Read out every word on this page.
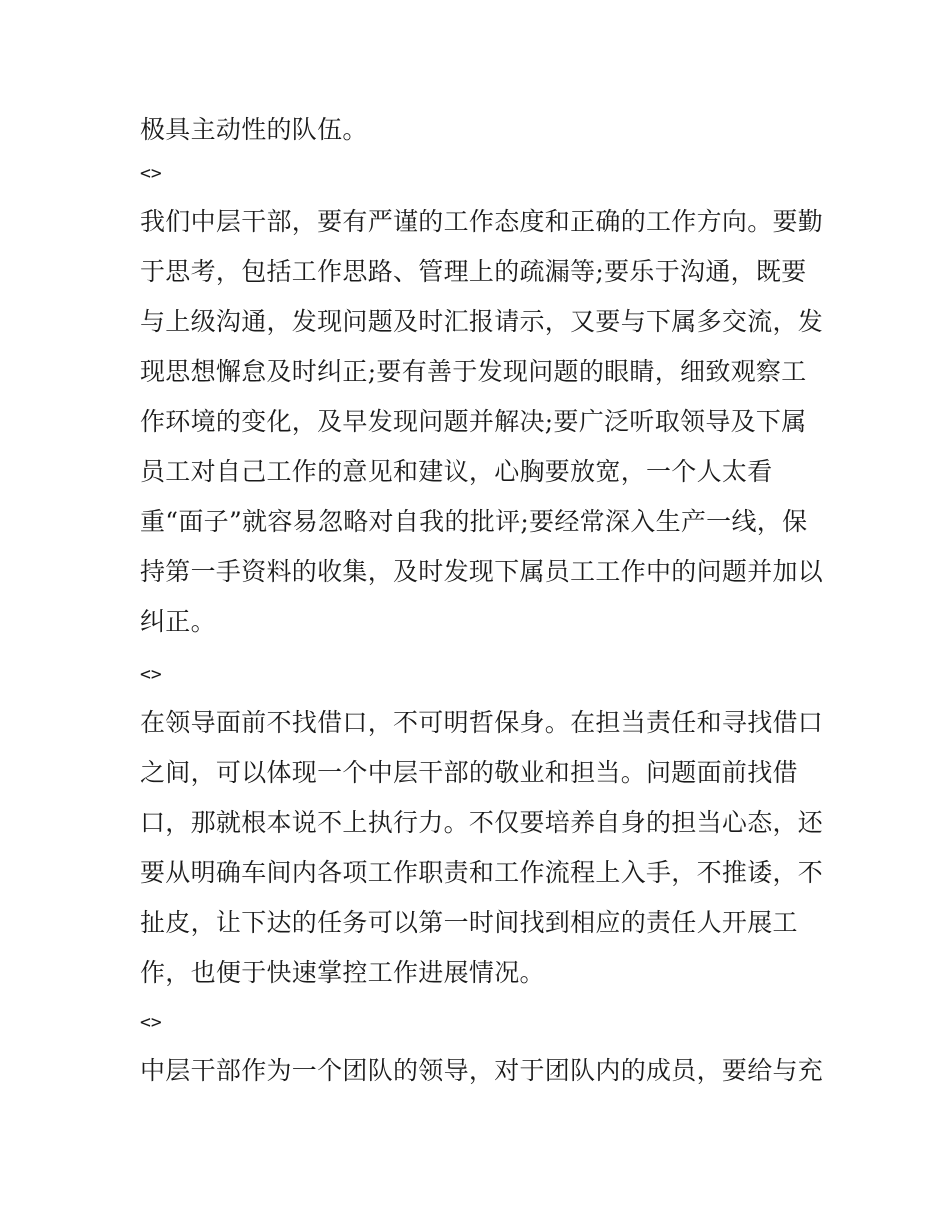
极具主动性的队伍。
<>
我们中层干部，要有严谨的工作态度和正确的工作方向。要勤
于思考，包括工作思路、管理上的疏漏等;要乐于沟通，既要
与上级沟通，发现问题及时汇报请示，又要与下属多交流，发
现思想懈怠及时纠正;要有善于发现问题的眼睛，细致观察工
作环境的变化，及早发现问题并解决;要广泛听取领导及下属
员工对自己工作的意见和建议，心胸要放宽，一个人太看
重“面子”就容易忽略对自我的批评;要经常深入生产一线，保
持第一手资料的收集，及时发现下属员工工作中的问题并加以
纠正。
<>
在领导面前不找借口，不可明哲保身。在担当责任和寻找借口
之间，可以体现一个中层干部的敬业和担当。问题面前找借
口，那就根本说不上执行力。不仅要培养自身的担当心态，还
要从明确车间内各项工作职责和工作流程上入手，不推诿，不
扯皮，让下达的任务可以第一时间找到相应的责任人开展工
作，也便于快速掌控工作进展情况。
<>
中层干部作为一个团队的领导，对于团队内的成员，要给与充
